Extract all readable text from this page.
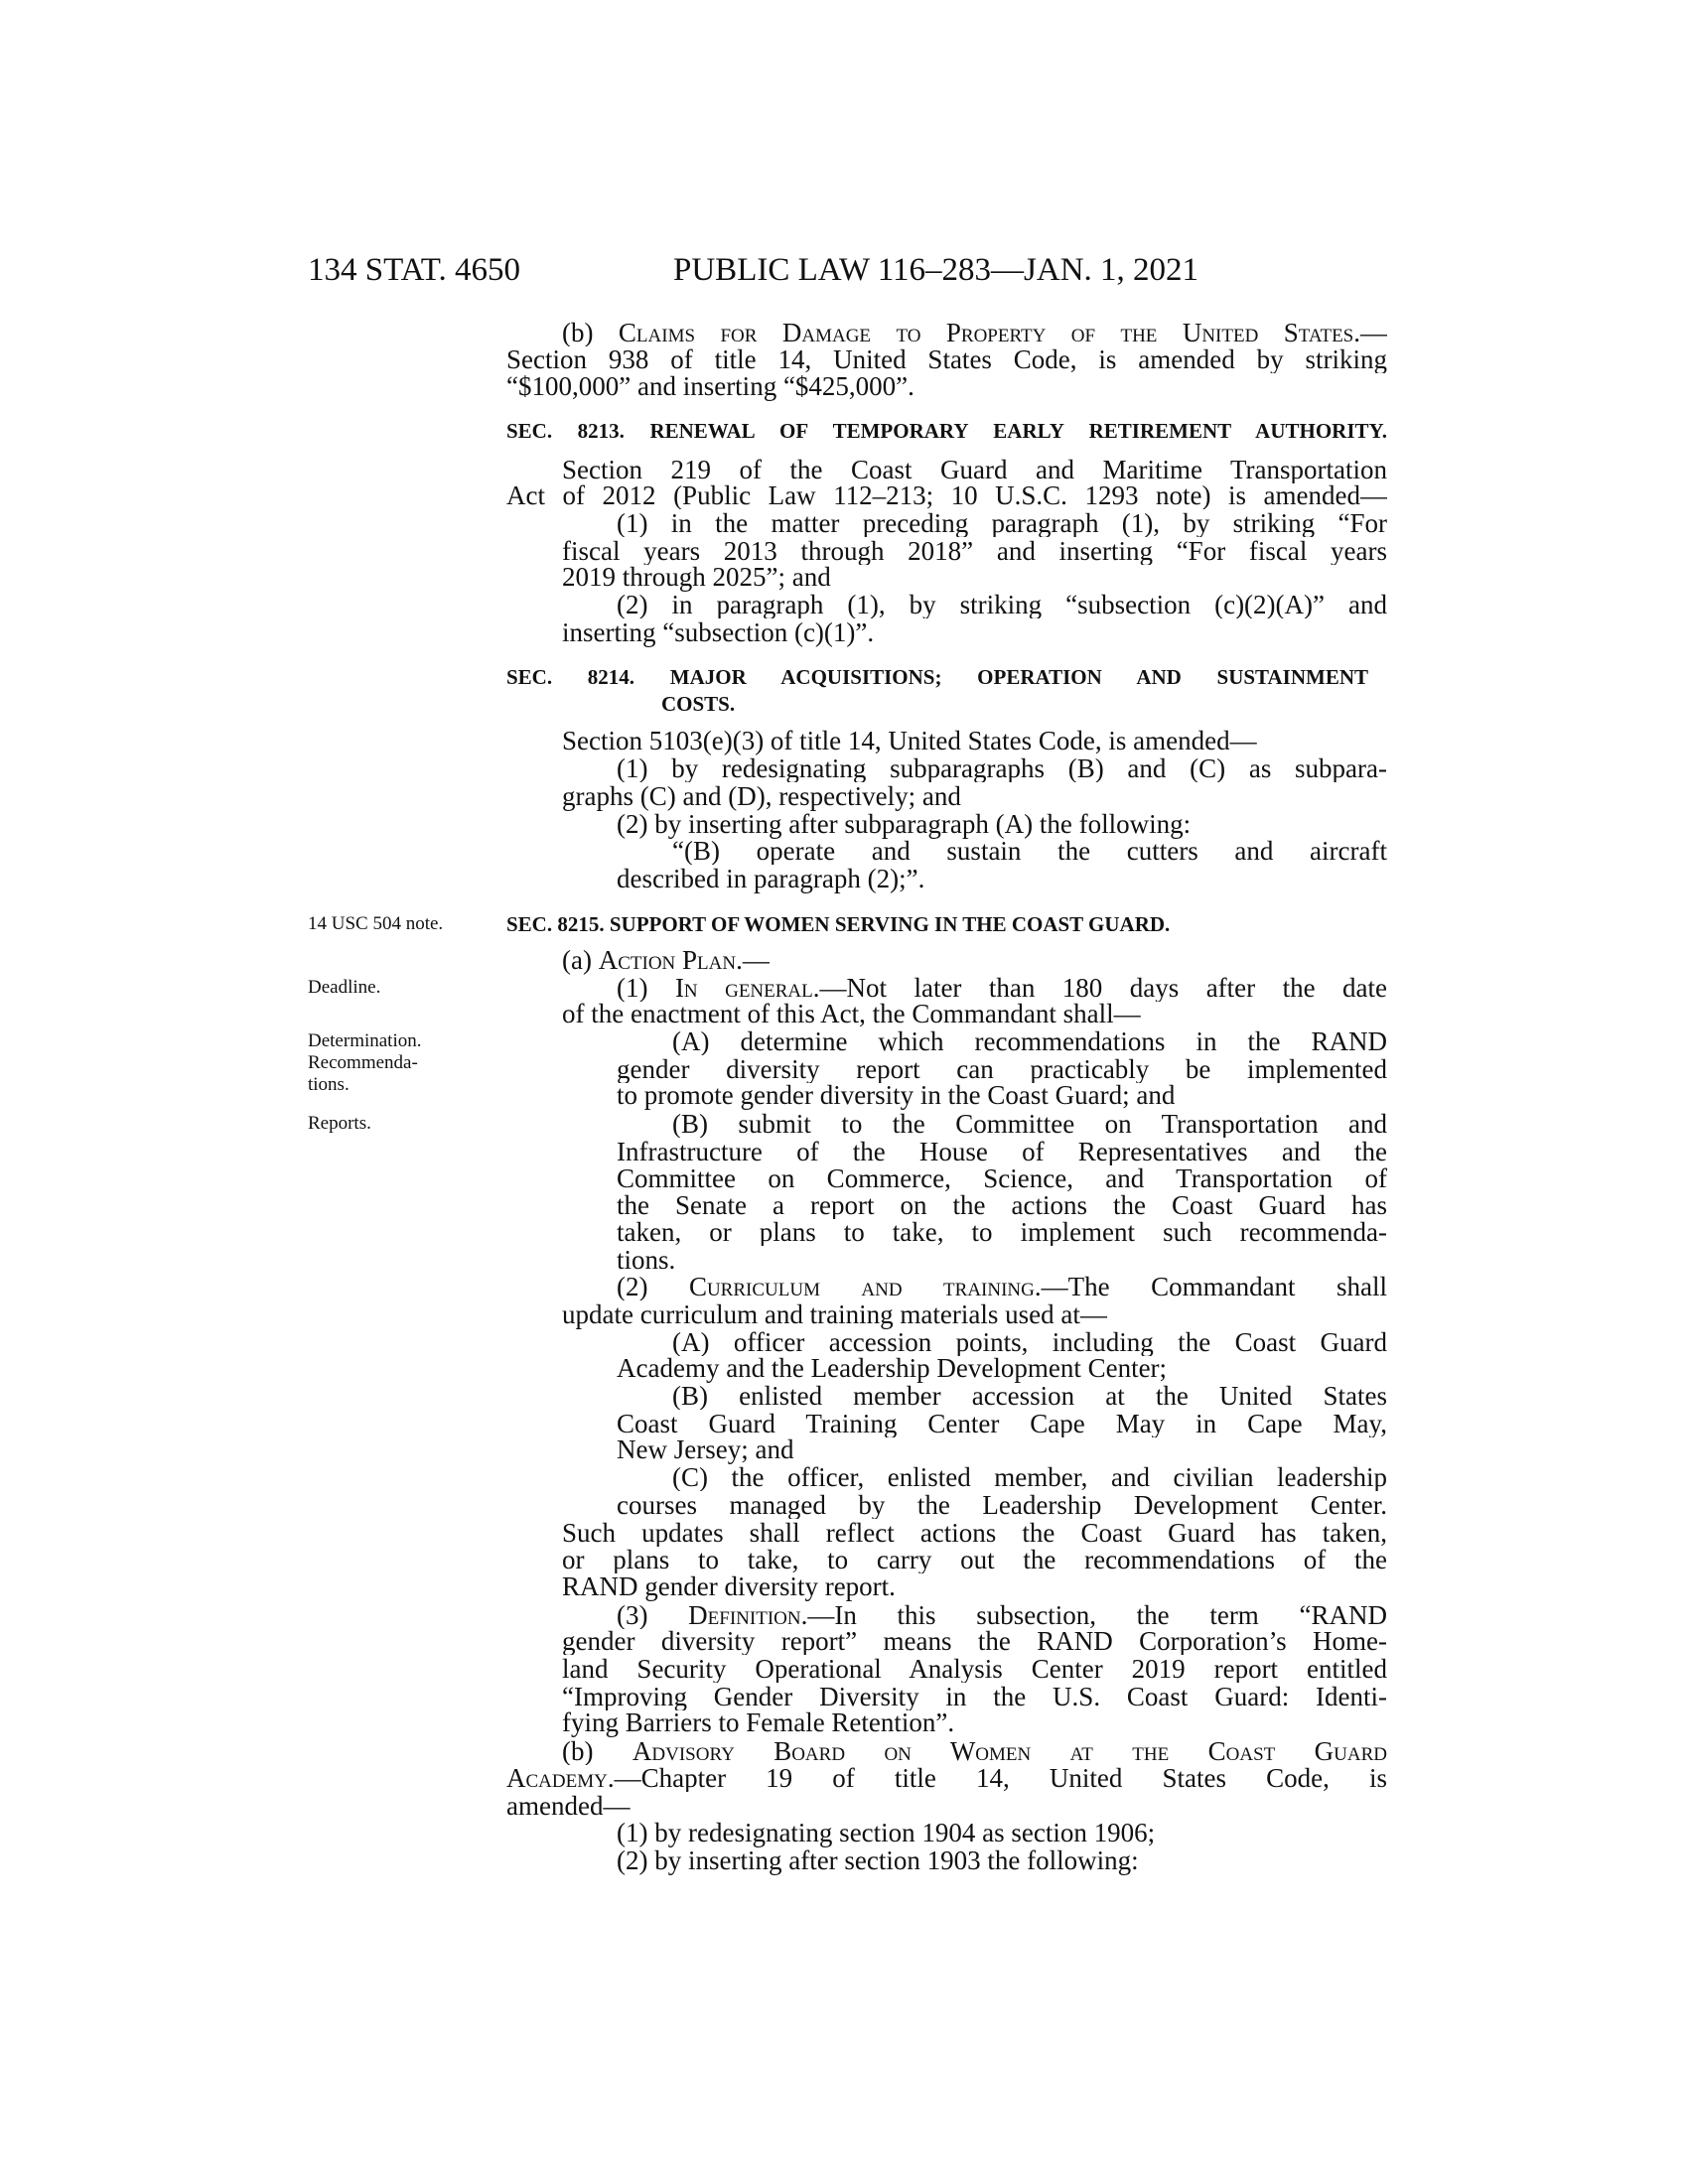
134 STAT. 4650	PUBLIC LAW 116–283—JAN. 1, 2021
14 USC 504 note.
Deadline.
Determination.
Recommenda-
tions.
Reports.
(b) Claims for Damage to Property of the United States.—
Section 938 of title 14, United States Code, is amended by striking
“$100,000” and inserting “$425,000”.
SEC. 8213. RENEWAL OF TEMPORARY EARLY RETIREMENT AUTHORITY.
Section 219 of the Coast Guard and Maritime Transportation
Act of 2012 (Public Law 112–213; 10 U.S.C. 1293 note) is amended—
(1) in the matter preceding paragraph (1), by striking “For
fiscal years 2013 through 2018” and inserting “For fiscal years
2019 through 2025”; and
(2) in paragraph (1), by striking “subsection (c)(2)(A)” and
inserting “subsection (c)(1)”.
SEC. 8214. MAJOR ACQUISITIONS; OPERATION AND SUSTAINMENT
COSTS.
Section 5103(e)(3) of title 14, United States Code, is amended—
(1) by redesignating subparagraphs (B) and (C) as subpara-
graphs (C) and (D), respectively; and
(2) by inserting after subparagraph (A) the following:
“(B) operate and sustain the cutters and aircraft
described in paragraph (2);”.
SEC. 8215. SUPPORT OF WOMEN SERVING IN THE COAST GUARD.
(a) Action Plan.—
(1) In general.—Not later than 180 days after the date
of the enactment of this Act, the Commandant shall—
(A) determine which recommendations in the RAND
gender diversity report can practicably be implemented
to promote gender diversity in the Coast Guard; and
(B) submit to the Committee on Transportation and
Infrastructure of the House of Representatives and the
Committee on Commerce, Science, and Transportation of
the Senate a report on the actions the Coast Guard has
taken, or plans to take, to implement such recommenda-
tions.
(2) Curriculum and training.—The Commandant shall
update curriculum and training materials used at—
(A) officer accession points, including the Coast Guard
Academy and the Leadership Development Center;
(B) enlisted member accession at the United States
Coast Guard Training Center Cape May in Cape May,
New Jersey; and
(C) the officer, enlisted member, and civilian leadership
courses managed by the Leadership Development Center.
Such updates shall reflect actions the Coast Guard has taken,
or plans to take, to carry out the recommendations of the
RAND gender diversity report.
(3) Definition.—In this subsection, the term “RAND
gender diversity report” means the RAND Corporation’s Home-
land Security Operational Analysis Center 2019 report entitled
“Improving Gender Diversity in the U.S. Coast Guard: Identi-
fying Barriers to Female Retention”.
(b) Advisory Board on Women at the Coast Guard
Academy.—Chapter 19 of title 14, United States Code, is
amended—
(1) by redesignating section 1904 as section 1906;
(2) by inserting after section 1903 the following:
